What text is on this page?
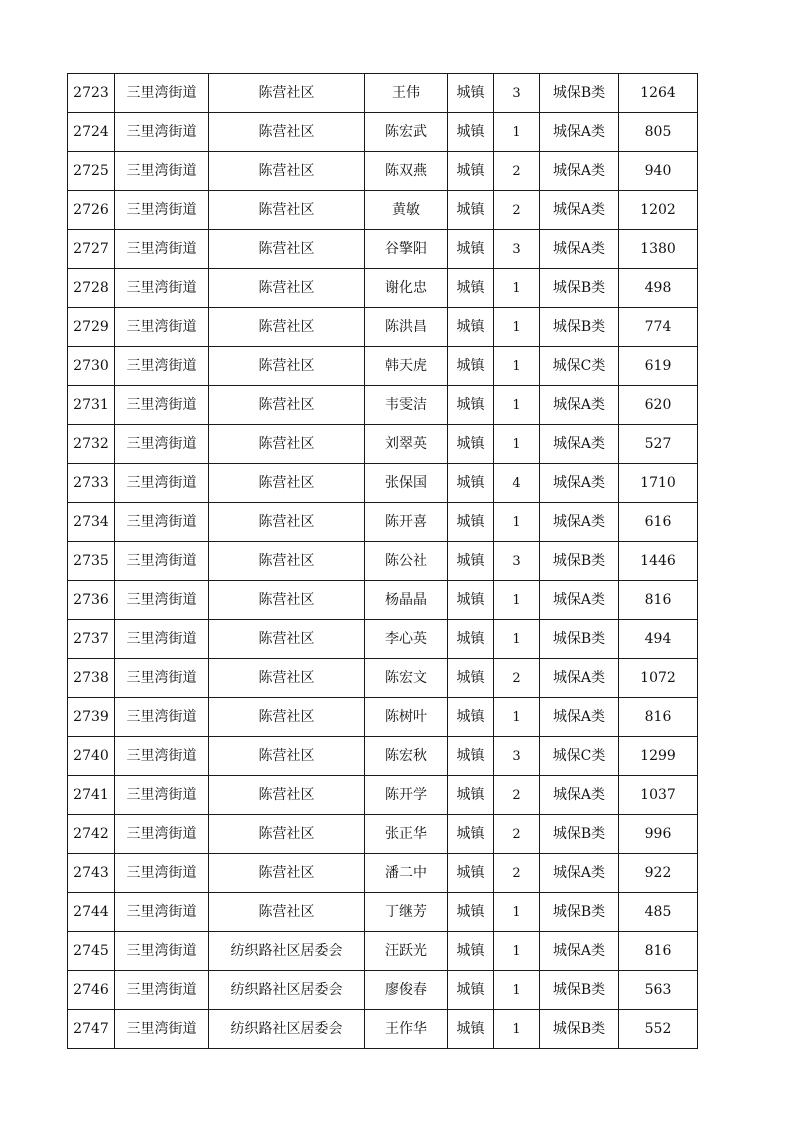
2723	三里湾街道	陈营社区	王伟	城镇	3	城保B类	1264
2724	三里湾街道	陈营社区	陈宏武	城镇	1	城保A类	805
2725	三里湾街道	陈营社区	陈双燕	城镇	2	城保A类	940
2726	三里湾街道	陈营社区	黄敏	城镇	2	城保A类	1202
2727	三里湾街道	陈营社区	谷擎阳	城镇	3	城保A类	1380
2728	三里湾街道	陈营社区	谢化忠	城镇	1	城保B类	498
2729	三里湾街道	陈营社区	陈洪昌	城镇	1	城保B类	774
2730	三里湾街道	陈营社区	韩天虎	城镇	1	城保C类	619
2731	三里湾街道	陈营社区	韦雯洁	城镇	1	城保A类	620
2732	三里湾街道	陈营社区	刘翠英	城镇	1	城保A类	527
2733	三里湾街道	陈营社区	张保国	城镇	4	城保A类	1710
2734	三里湾街道	陈营社区	陈开喜	城镇	1	城保A类	616
2735	三里湾街道	陈营社区	陈公社	城镇	3	城保B类	1446
2736	三里湾街道	陈营社区	杨晶晶	城镇	1	城保A类	816
2737	三里湾街道	陈营社区	李心英	城镇	1	城保B类	494
2738	三里湾街道	陈营社区	陈宏文	城镇	2	城保A类	1072
2739	三里湾街道	陈营社区	陈树叶	城镇	1	城保A类	816
2740	三里湾街道	陈营社区	陈宏秋	城镇	3	城保C类	1299
2741	三里湾街道	陈营社区	陈开学	城镇	2	城保A类	1037
2742	三里湾街道	陈营社区	张正华	城镇	2	城保B类	996
2743	三里湾街道	陈营社区	潘二中	城镇	2	城保A类	922
2744	三里湾街道	陈营社区	丁继芳	城镇	1	城保B类	485
2745	三里湾街道	纺织路社区居委会	汪跃光	城镇	1	城保A类	816
2746	三里湾街道	纺织路社区居委会	廖俊春	城镇	1	城保B类	563
2747	三里湾街道	纺织路社区居委会	王作华	城镇	1	城保B类	552
